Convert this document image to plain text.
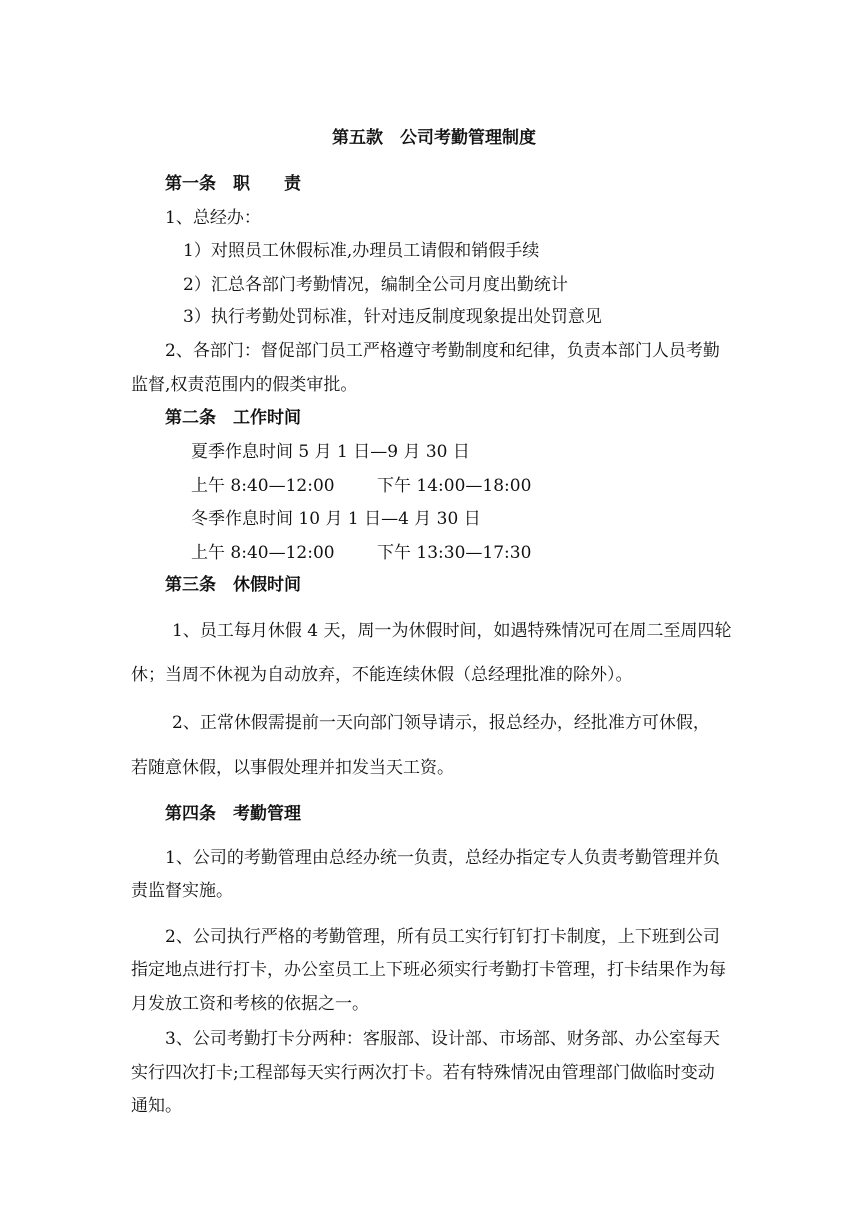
第五款　公司考勤管理制度

第一条　职　　责

1、总经办：

1）对照员工休假标准,办理员工请假和销假手续

2）汇总各部门考勤情况，编制全公司月度出勤统计

3）执行考勤处罚标准，针对违反制度现象提出处罚意见

2、各部门：督促部门员工严格遵守考勤制度和纪律，负责本部门人员考勤

监督,权责范围内的假类审批。

第二条　工作时间

夏季作息时间 5 月 1 日—9 月 30 日

上午 8:40—12:00 下午 14:00—18:00

冬季作息时间 10 月 1 日—4 月 30 日

上午 8:40—12:00 下午 13:30—17:30

第三条　休假时间

1、员工每月休假 4 天，周一为休假时间，如遇特殊情况可在周二至周四轮

休；当周不休视为自动放弃，不能连续休假（总经理批准的除外）。

2、正常休假需提前一天向部门领导请示，报总经办，经批准方可休假，

若随意休假，以事假处理并扣发当天工资。

第四条　考勤管理

1、公司的考勤管理由总经办统一负责，总经办指定专人负责考勤管理并负

责监督实施。

2、公司执行严格的考勤管理，所有员工实行钉钉打卡制度，上下班到公司

指定地点进行打卡，办公室员工上下班必须实行考勤打卡管理，打卡结果作为每

月发放工资和考核的依据之一。

3、公司考勤打卡分两种：客服部、设计部、市场部、财务部、办公室每天

实行四次打卡;工程部每天实行两次打卡。若有特殊情况由管理部门做临时变动

通知。
